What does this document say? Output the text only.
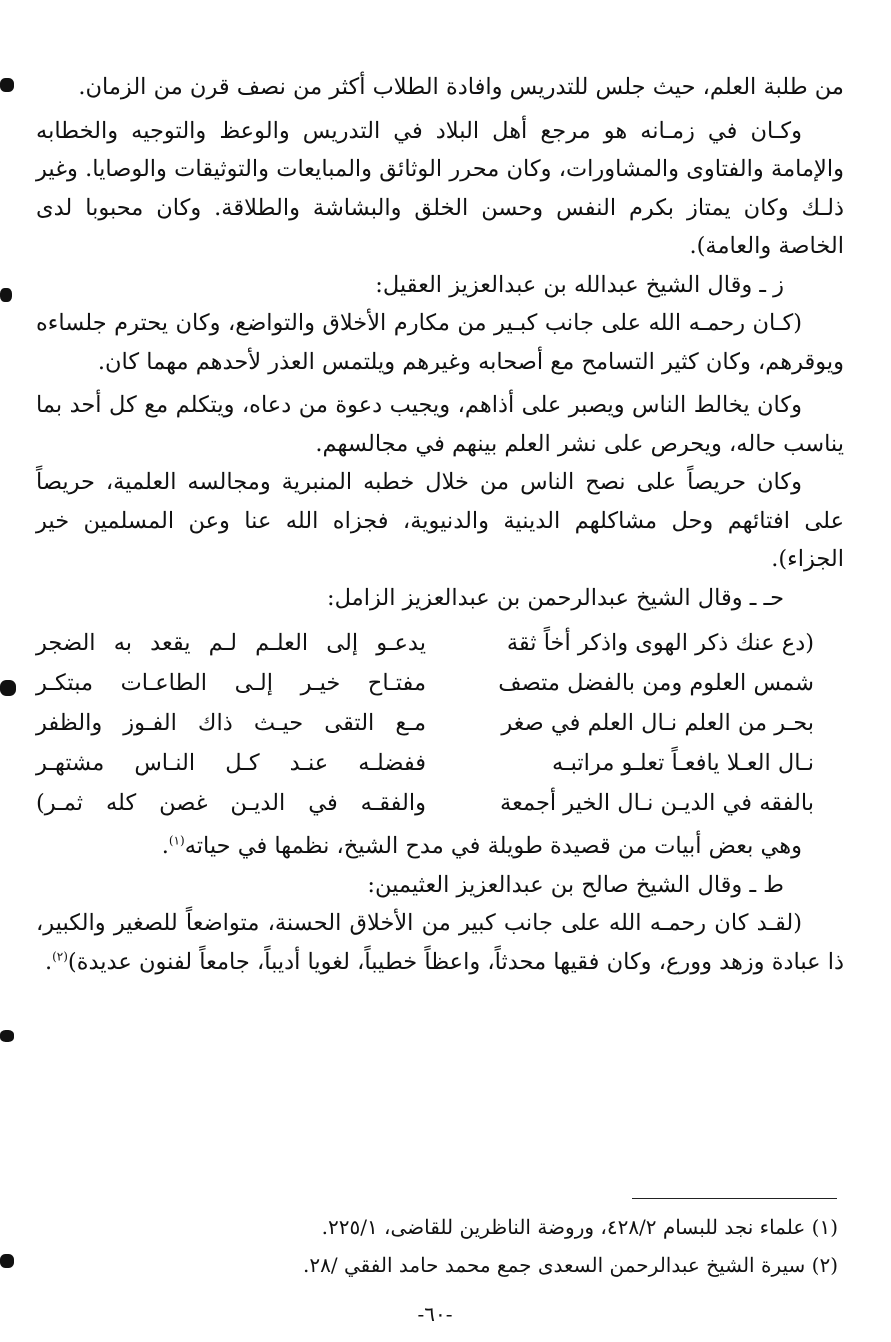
من طلبة العلم، حيث جلس للتدريس وافادة الطلاب أكثر من نصف قرن من الزمان.

وكـان في زمـانه هو مرجع أهل البلاد في التدريس والوعظ والتوجيه والخطابه والإمامة والفتاوى والمشاورات، وكان محرر الوثائق والمبايعات والتوثيقات والوصايا. وغير ذلـك وكان يمتاز بكرم النفس وحسن الخلق والبشاشة والطلاقة. وكان محبوبا لدى الخاصة والعامة).

ز ـ وقال الشيخ عبدالله بن عبدالعزيز العقيل:

(كـان رحمـه الله على جانب كبـير من مكارم الأخلاق والتواضع، وكان يحترم جلساءه ويوقرهم، وكان كثير التسامح مع أصحابه وغيرهم ويلتمس العذر لأحدهم مهما كان.

وكان يخالط الناس ويصبر على أذاهم، ويجيب دعوة من دعاه، ويتكلم مع كل أحد بما يناسب حاله، ويحرص على نشر العلم بينهم في مجالسهم.

وكان حريصاً على نصح الناس من خلال خطبه المنبرية ومجالسه العلمية، حريصاً على افتائهم وحل مشاكلهم الدينية والدنيوية، فجزاه الله عنا وعن المسلمين خير الجزاء).

حـ ـ وقال الشيخ عبدالرحمن بن عبدالعزيز الزامل:

(دع عنك ذكر الهوى واذكر أخاً ثقة
يدعـو إلى العلـم لـم يقعد به الضجر
شمس العلوم ومن بالفضل متصف
مفتـاح خيـر إلـى الطاعـات مبتكـر
بحـر من العلم نـال العلم في صغر
مـع التقى حيـث ذاك الفـوز والظفر
نـال العـلا يافعـاً تعلـو مراتبـه
ففضلـه عنـد كـل النـاس مشتهـر
بالفقه في الديـن نـال الخير أجمعة
والفقـه في الديـن غصن كله ثمـر)

وهي بعض أبيات من قصيدة طويلة في مدح الشيخ، نظمها في حياته$^{(١)}$.

ط ـ وقال الشيخ صالح بن عبدالعزيز العثيمين:

(لقـد كان رحمـه الله على جانب كبير من الأخلاق الحسنة، متواضعاً للصغير والكبير، ذا عبادة وزهد وورع، وكان فقيها محدثاً، واعظاً خطيباً، لغويا أديباً، جامعاً لفنون عديدة)$^{(٢)}$.

(١) علماء نجد للبسام ٤٢٨/٢، وروضة الناظرين للقاضى، ٢٢٥/١.

(٢) سيرة الشيخ عبدالرحمن السعدى جمع محمد حامد الفقي /٢٨.

-٦٠-
